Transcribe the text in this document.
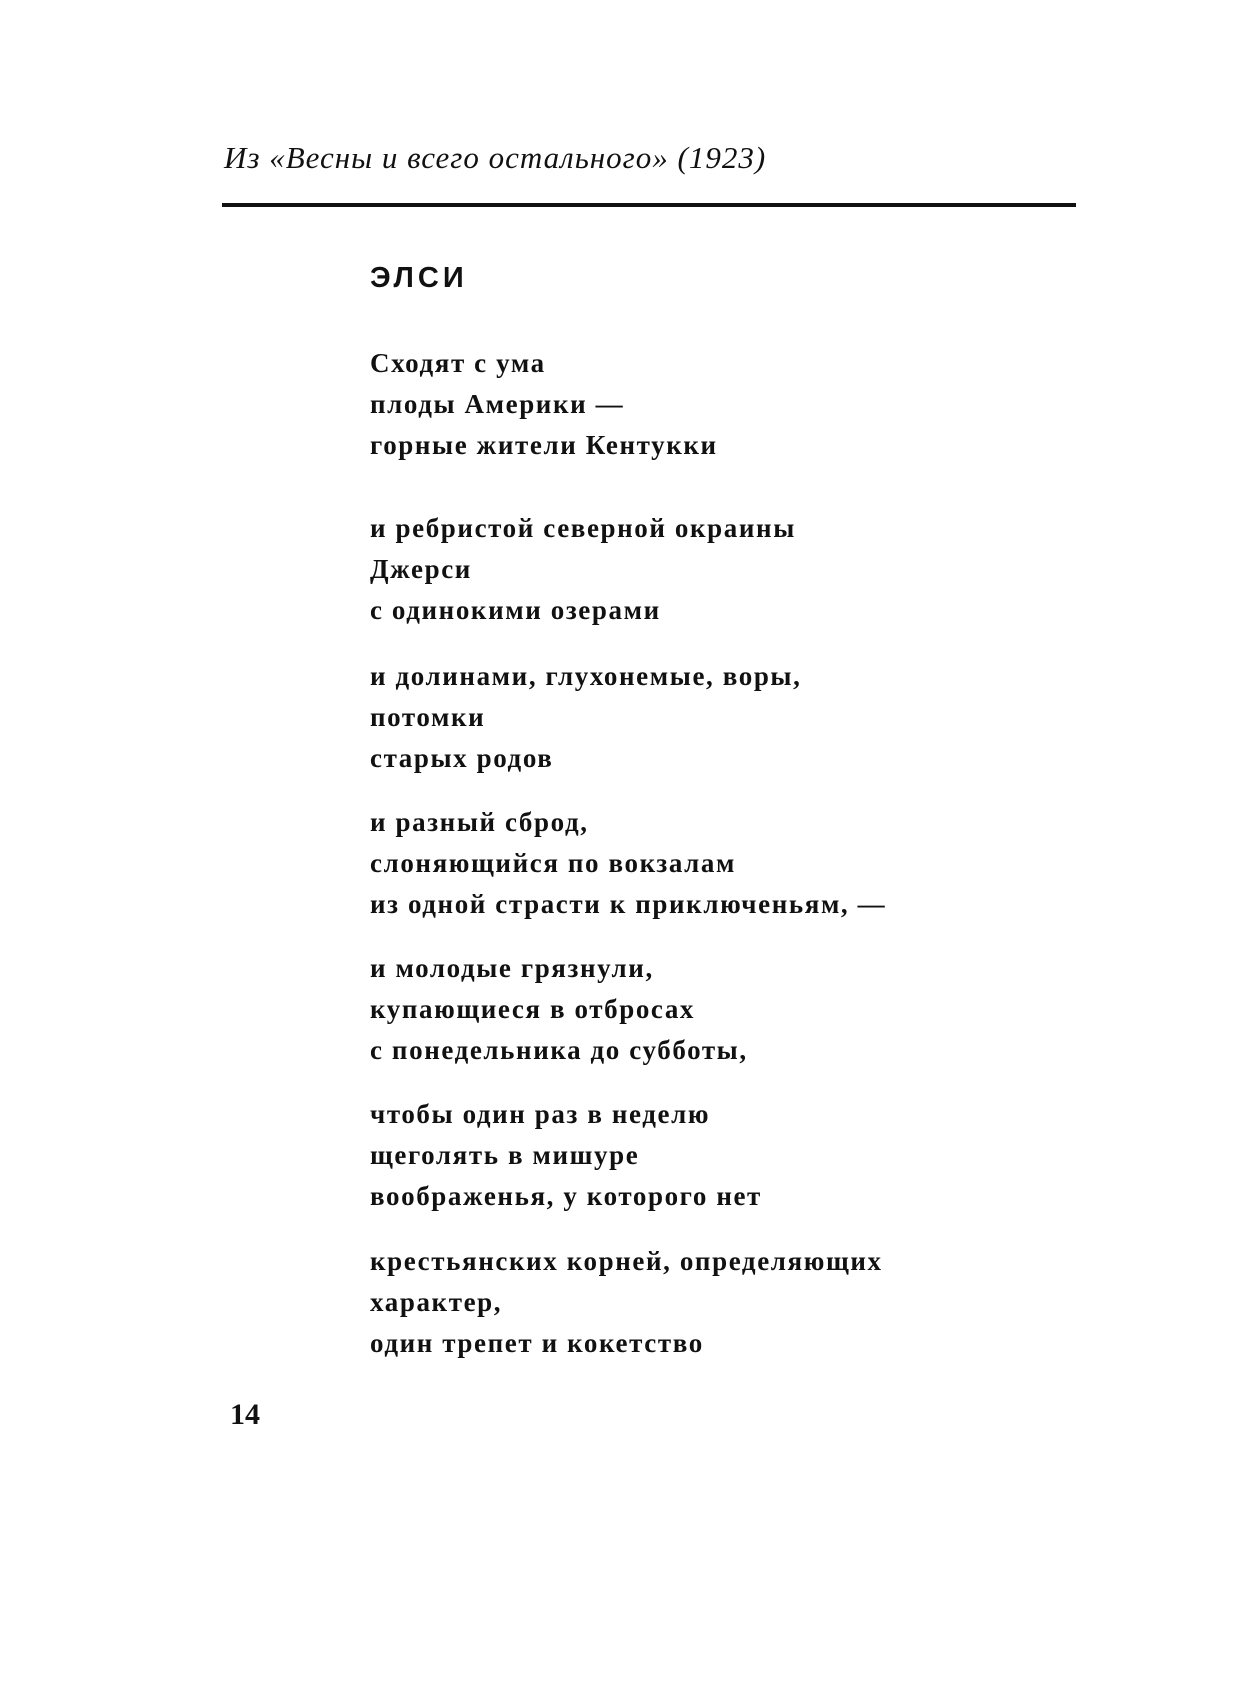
Из «Весны и всего остального» (1923)
ЭЛСИ
Сходят с ума
плоды Америки —
горные жители Кентукки
и ребристой северной окраины
Джерси
с одинокими озерами
и долинами, глухонемые, воры,
потомки
старых родов
и разный сброд,
слоняющийся по вокзалам
из одной страсти к приключеньям, —
и молодые грязнули,
купающиеся в отбросах
с понедельника до субботы,
чтобы один раз в неделю
щеголять в мишуре
воображенья, у которого нет
крестьянских корней, определяющих
характер,
один трепет и кокетство
14
